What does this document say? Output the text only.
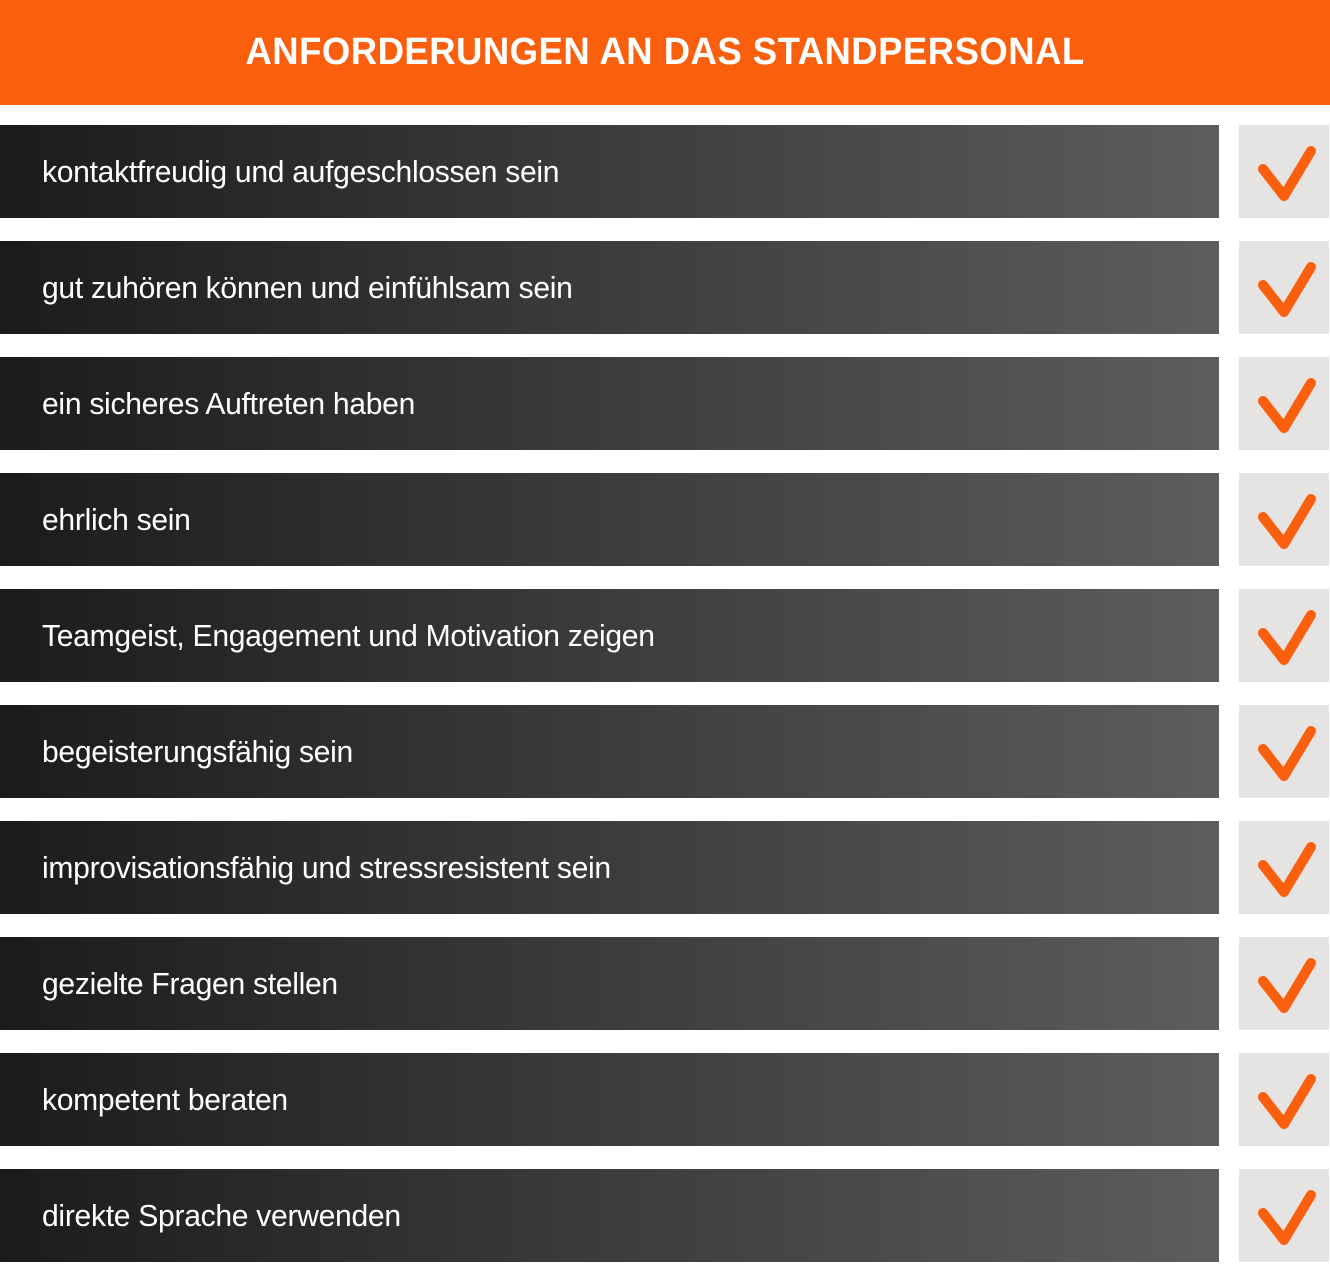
ANFORDERUNGEN AN DAS STANDPERSONAL
kontaktfreudig und aufgeschlossen sein
gut zuhören können und einfühlsam sein
ein sicheres Auftreten haben
ehrlich sein
Teamgeist, Engagement und Motivation zeigen
begeisterungsfähig sein
improvisationsfähig und stressresistent sein
gezielte Fragen stellen
kompetent beraten
direkte Sprache verwenden
